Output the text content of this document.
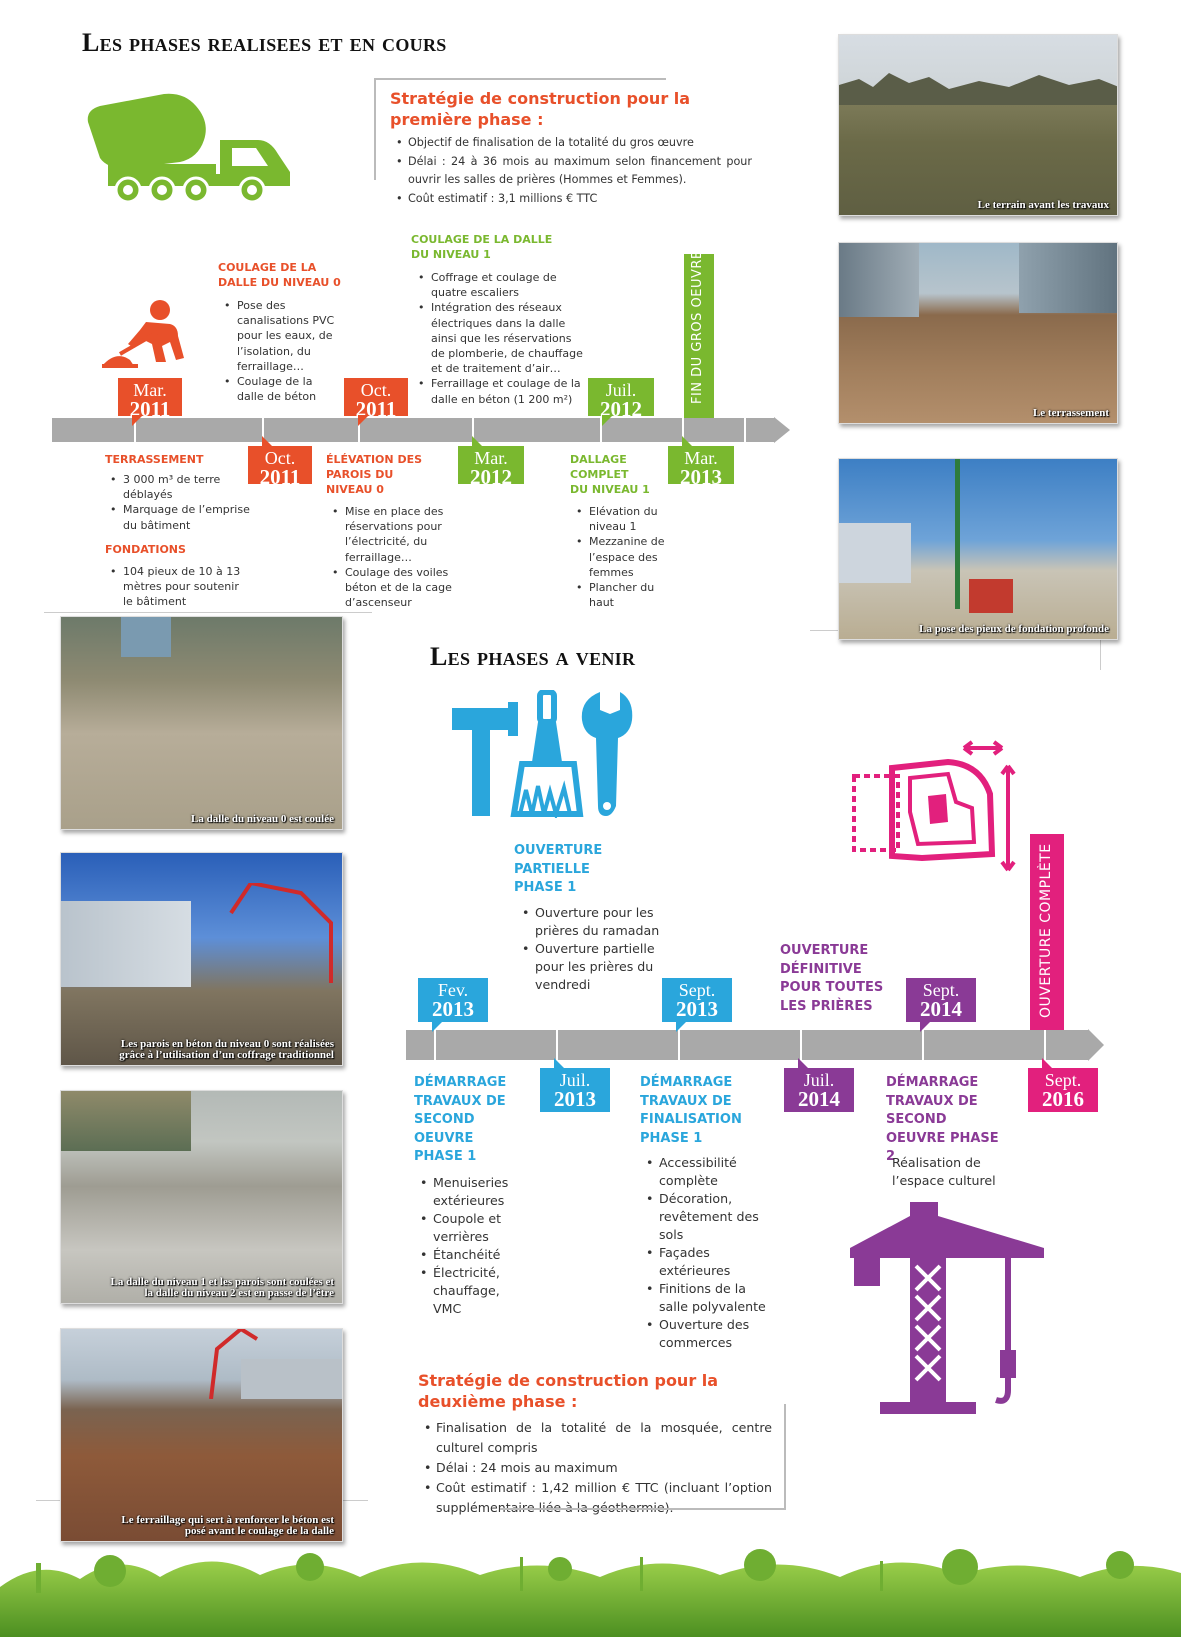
Les phases realisees et en cours
Stratégie de construction pour la première phase :
• Objectif de finalisation de la totalité du gros œuvre
• Délai : 24 à 36 mois au maximum selon financement pour ouvrir les salles de prières (Hommes et Femmes).
• Coût estimatif : 3,1 millions € TTC
Mar.
2011
Oct.
2011
Oct.
2011
Mar.
2012
Juil.
2012
Mar.
2013
FIN DU GROS OEUVRE
COULAGE DE LA DALLE DU NIVEAU 0
• Pose des canalisations PVC pour les eaux, de l’isolation, du ferraillage…
• Coulage de la dalle de béton
COULAGE DE LA DALLE DU NIVEAU 1
• Coffrage et coulage de quatre escaliers
• Intégration des réseaux électriques dans la dalle ainsi que les réservations de plomberie, de chauffage et de traitement d’air…
• Ferraillage et coulage de la dalle en béton (1 200 m²)
TERRASSEMENT
• 3 000 m³ de terre déblayés
• Marquage de l’emprise du bâtiment
FONDATIONS
• 104 pieux de 10 à 13 mètres pour soutenir le bâtiment
ÉLÉVATION DES PAROIS DU NIVEAU 0
• Mise en place des réservations pour l’électricité, du ferraillage…
• Coulage des voiles béton et de la cage d’ascenseur
DALLAGE COMPLET DU NIVEAU 1
• Elévation du niveau 1
• Mezzanine de l’espace des femmes
• Plancher du haut
Le terrain avant les travaux
Le terrassement
La pose des pieux de fondation profonde
La dalle du niveau 0 est coulée
Les parois en béton du niveau 0 sont réalisées
grâce à l’utilisation d’un coffrage traditionnel
La dalle du niveau 1 et les parois sont coulées et
la dalle du niveau 2 est en passe de l’être
Le ferraillage qui sert à renforcer le béton est
posé avant le coulage de la dalle
Les phases a venir
Fev.
2013
Juil.
2013
Sept.
2013
Juil.
2014
Sept.
2014
Sept.
2016
OUVERTURE COMPLÈTE
OUVERTURE PARTIELLE PHASE 1
• Ouverture pour les prières du ramadan
• Ouverture partielle pour les prières du vendredi
OUVERTURE DÉFINITIVE POUR TOUTES LES PRIÈRES
DÉMARRAGE TRAVAUX DE SECOND OEUVRE PHASE 1
• Menuiseries extérieures
• Coupole et verrières
• Étanchéité
• Électricité, chauffage, VMC
DÉMARRAGE TRAVAUX DE FINALISATION PHASE 1
• Accessibilité complète
• Décoration, revêtement des sols
• Façades extérieures
• Finitions de la salle polyvalente
• Ouverture des commerces
DÉMARRAGE TRAVAUX DE SECOND OEUVRE PHASE 2
Réalisation de l’espace culturel
Stratégie de construction pour la deuxième phase :
• Finalisation de la totalité de la mosquée, centre culturel compris
• Délai : 24 mois au maximum
• Coût estimatif : 1,42 million € TTC (incluant l’option supplémentaire liée à la géothermie).
